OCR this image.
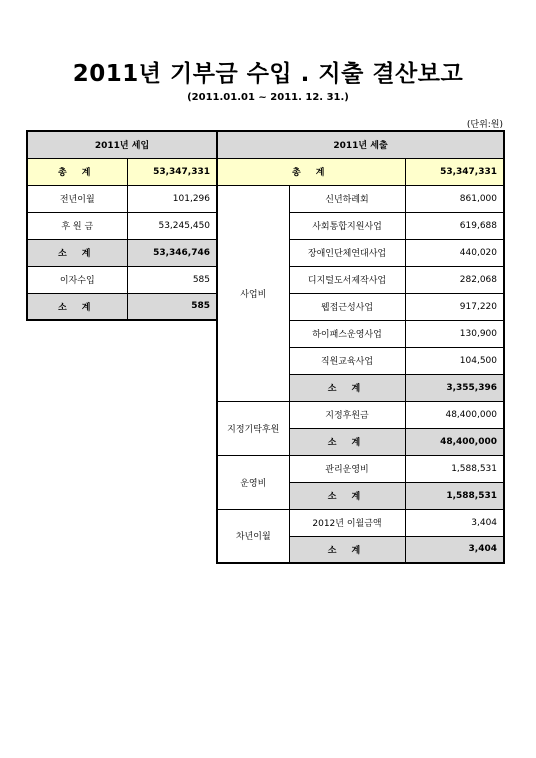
2011년 기부금 수입 . 지출 결산보고
(2011.01.01 ~ 2011. 12. 31.)
(단위:원)
2011년 세입	
총 계	53,347,331
전년이월	101,296
후 원 금	53,245,450
소 계	53,346,746
이자수입	585
소 계	585
2011년 세출		
총 계		53,347,331
사업비	신년하례회	861,000
	사회통합지원사업	619,688
	장애인단체연대사업	440,020
	디지털도서제작사업	282,068
	웹접근성사업	917,220
	하이패스운영사업	130,900
	직원교육사업	104,500
	소 계	3,355,396
지정기탁후원	지정후원금	48,400,000
	소 계	48,400,000
운영비	관리운영비	1,588,531
	소 계	1,588,531
차년이월	2012년 이월금액	3,404
	소 계	3,404
